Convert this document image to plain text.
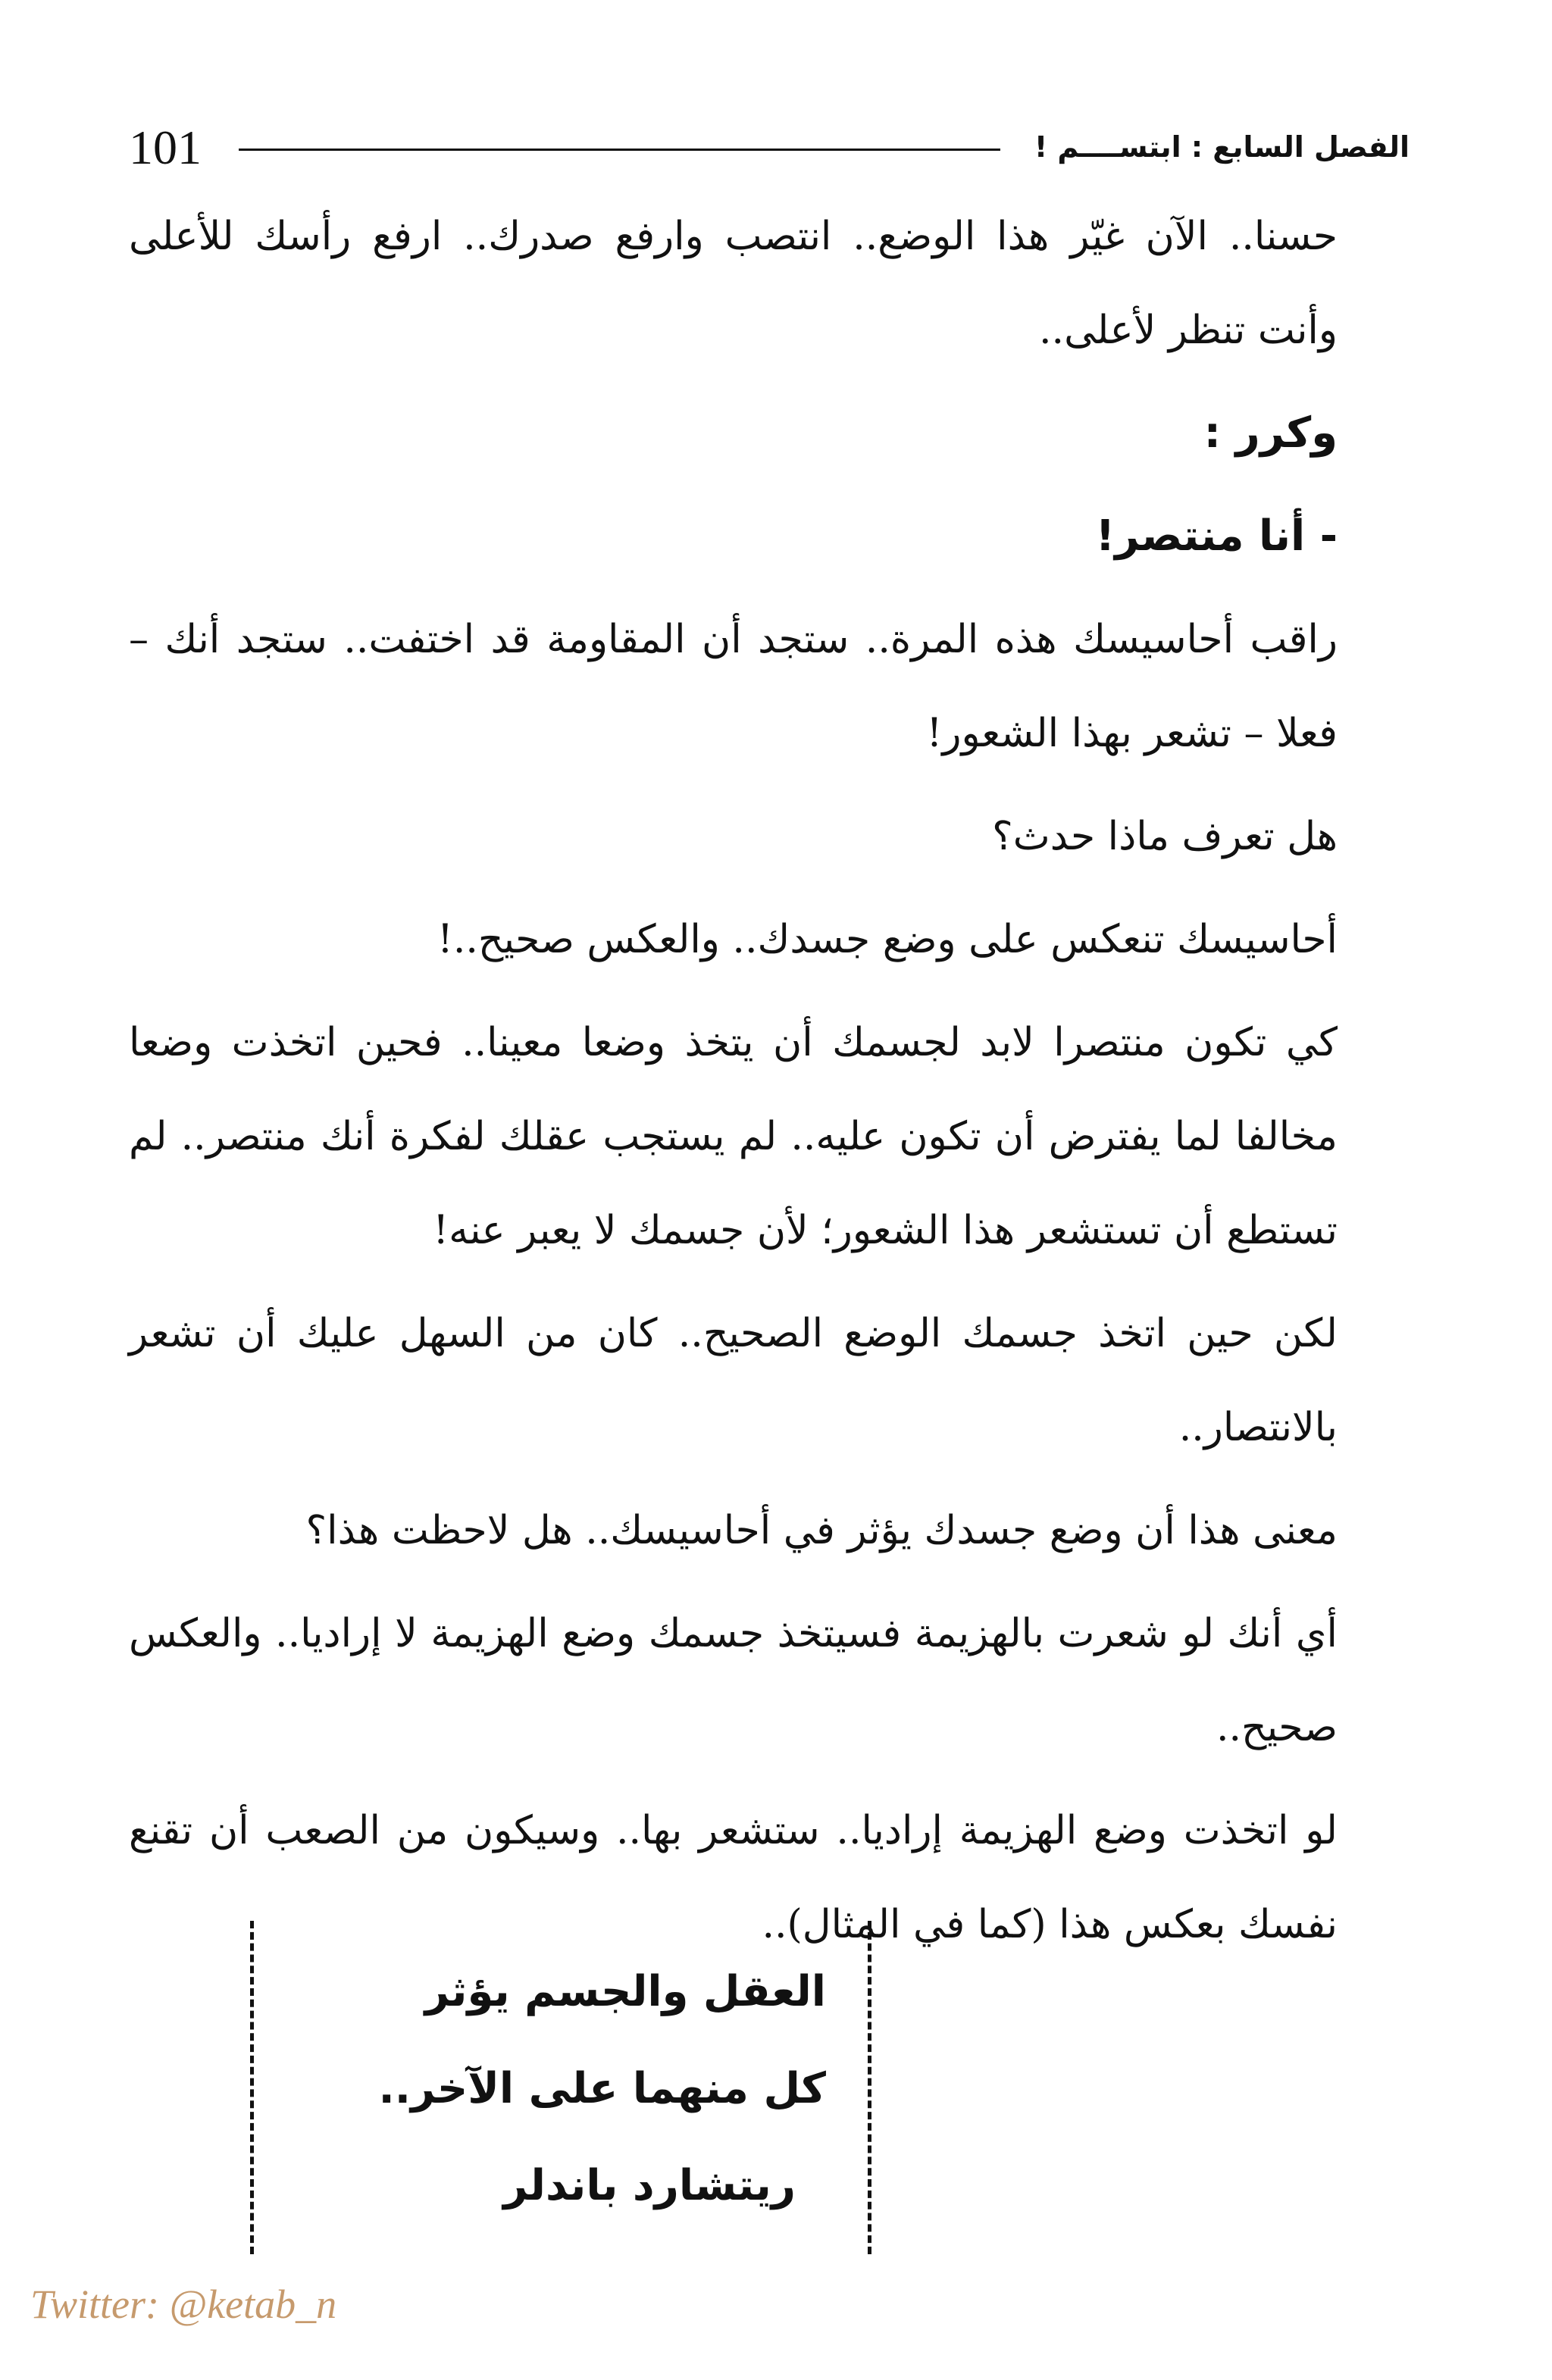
101	الفصل السابع : ابتســــم !

حسنا.. الآن غيّر هذا الوضع.. انتصب وارفع صدرك.. ارفع رأسك للأعلى وأنت تنظر لأعلى..

وكرر :

- أنا منتصر!

راقب أحاسيسك هذه المرة.. ستجد أن المقاومة قد اختفت.. ستجد أنك – فعلا – تشعر بهذا الشعور!

هل تعرف ماذا حدث؟

أحاسيسك تنعكس على وضع جسدك.. والعكس صحيح..!

كي تكون منتصرا لابد لجسمك أن يتخذ وضعا معينا.. فحين اتخذت وضعا مخالفا لما يفترض أن تكون عليه.. لم يستجب عقلك لفكرة أنك منتصر.. لم تستطع أن تستشعر هذا الشعور؛ لأن جسمك لا يعبر عنه!

لكن حين اتخذ جسمك الوضع الصحيح.. كان من السهل عليك أن تشعر بالانتصار..

معنى هذا أن وضع جسدك يؤثر في أحاسيسك.. هل لاحظت هذا؟

أي أنك لو شعرت بالهزيمة فسيتخذ جسمك وضع الهزيمة لا إراديا.. والعكس صحيح..

لو اتخذت وضع الهزيمة إراديا.. ستشعر بها.. وسيكون من الصعب أن تقنع نفسك بعكس هذا (كما في المثال)..

العقل والجسم يؤثر
كل منهما على الآخر..
ريتشارد باندلر
Twitter: @ketab_n
